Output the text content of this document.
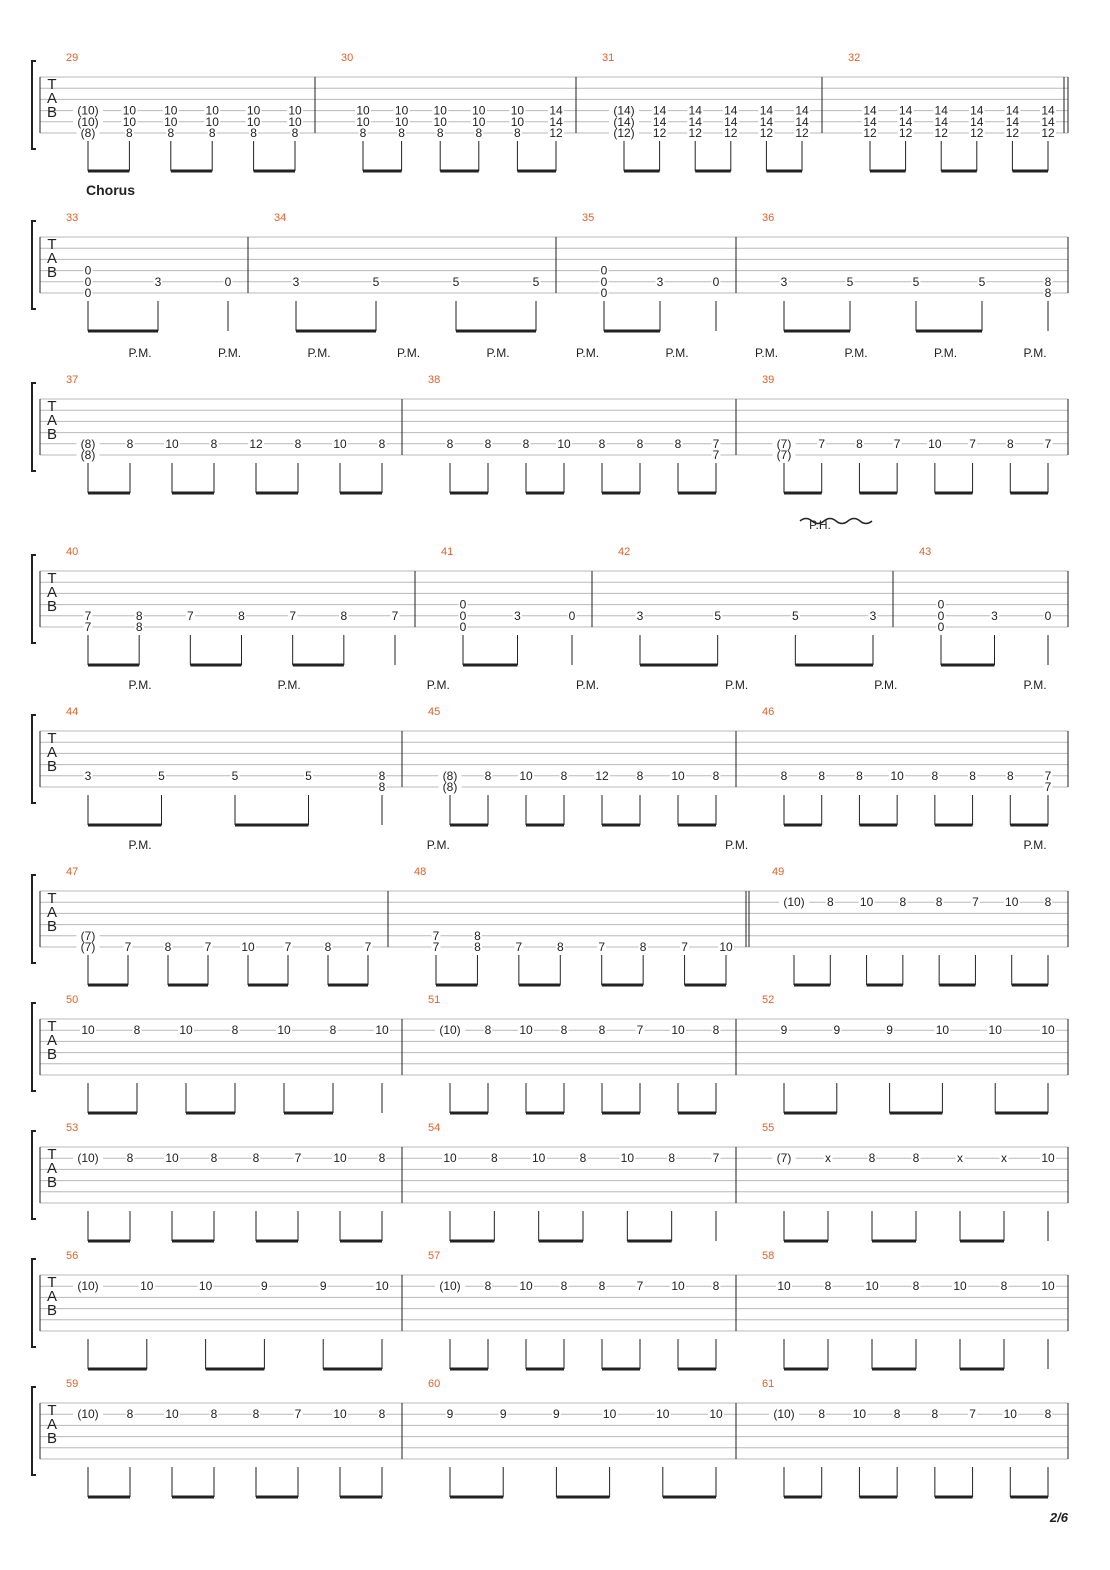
T
A
B
29
(10)
(10)
(8)
10
10
8
10
10
8
10
10
8
10
10
8
10
10
8
30
10
10
8
10
10
8
10
10
8
10
10
8
10
10
8
14
14
12
31
(14)
(14)
(12)
14
14
12
14
14
12
14
14
12
14
14
12
14
14
12
32
14
14
12
14
14
12
14
14
12
14
14
12
14
14
12
14
14
12
T
A
B
Chorus
33
0
0
0
3	0
34
3	5	5	5
35
0
0
0
3	0
36
3	5	5	5	8
8
T
A
B
37
(8)
(8)
8	10	8	12	8	10	8
38
8	8	8 10 8	8	8	7
7
39
(7)
(7)
7	8	7 10 7	8	7
P.M.	P.M.	P.M.	P.M.	P.M.	P.M.	P.M.	P.M.	P.M.	P.M.	P.M.
T
A
B
40
7
7
8
8
7	8	7	8	7
41
0
0
0
3	0
42
3	5	5	3
43
0
0
0
3	0
P.H.
T
A
B
44
3	5	5	5	8
8
45
(8)
(8)
8 10 8 12 8 10 8
46
8	8	8 10 8	8	8	7
7
P.M.	P.M.	P.M.	P.M.	P.M.	P.M.	P.M.
T
A
B
47
(7)
(7) 7	8	7 10 7	8	7
48
7
7
8
8	7	8	7	8	7	10
49
(10) 8 10 8 8 7 10 8
P.M.	P.M.	P.M.	P.M.
T
A
B
50
10	8	10	8	10	8	10
51
(10) 8 10 8	8	7 10 8
52
9	9	9	10	10	10
T
A
B
53
(10) 8	10	8	8	7	10	8
54
10	8	10	8	10	8	7
55
(7)	x	8	8	x	x	10
T
A
B
56
(10)	10	10	9	9	10
57
(10) 8 10 8	8	7 10 8
58
10	8	10	8	10	8	10
T
A
B
59
(10) 8	10	8	8	7	10	8
60
9	9	9	10	10	10
61
(10) 8 10 8	8	7 10 8
2/6
